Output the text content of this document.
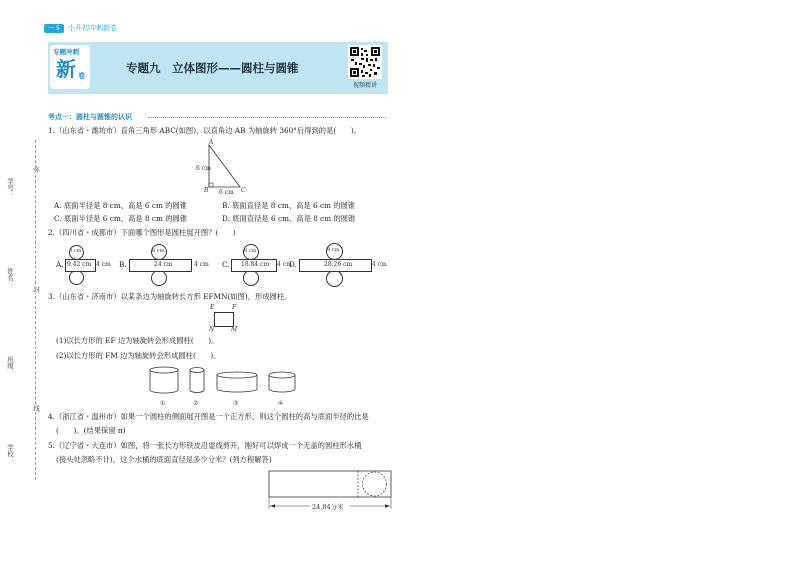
一 5	小升初冲刺新卷
专题冲刺
新 卷
专题九　立体图形——圆柱与圆锥
视频精讲
学号：
姓名：
班级：
学校：
弥
封
线
考点一：圆柱与圆锥的认识
1.（山东省・潍坊市）直角三角形 ABC(如图)，以直角边 AB 为轴旋转 360°后得到的是(　　)。
A
B	C
6 cm
6 cm
A. 底面半径是 8 cm、高是 6 cm 的圆锥	B. 底面直径是 8 cm、高是 6 cm 的圆锥
C. 底面半径是 6 cm、高是 8 cm 的圆锥	D. 底面直径是 6 cm、高是 8 cm 的圆锥
2.（四川省・成都市）下面哪个图形是圆柱展开图？(　　)
A.
3 cm
9.42 cm 4 cm B.
8 cm
24 cm	4 cm C.
6 cm
18.84 cm 4 cm
D.
9 cm
28.26 cm	4 cm
3.（山东省・济南市）以某条边为轴旋转长方形 EFMN(如图)，形成圆柱。
E	F
N	M
(1)以长方形的 EF 边为轴旋转会形成圆柱(　　)。
(2)以长方形的 FM 边为轴旋转会形成圆柱(　　)。
①	②	③	④
4.（浙江省・温州市）如果一个圆柱的侧面展开图是一个正方形，则这个圆柱的高与底面半径的比是
(　　)。(结果保留 π)
5.（辽宁省・大连市）如图，将一张长方形铁皮沿虚线剪开，刚好可以焊成一个无盖的圆柱形水桶
(接头处忽略不计)，这个水桶的底面直径是多少分米？(列方程解答)
24.84分米
